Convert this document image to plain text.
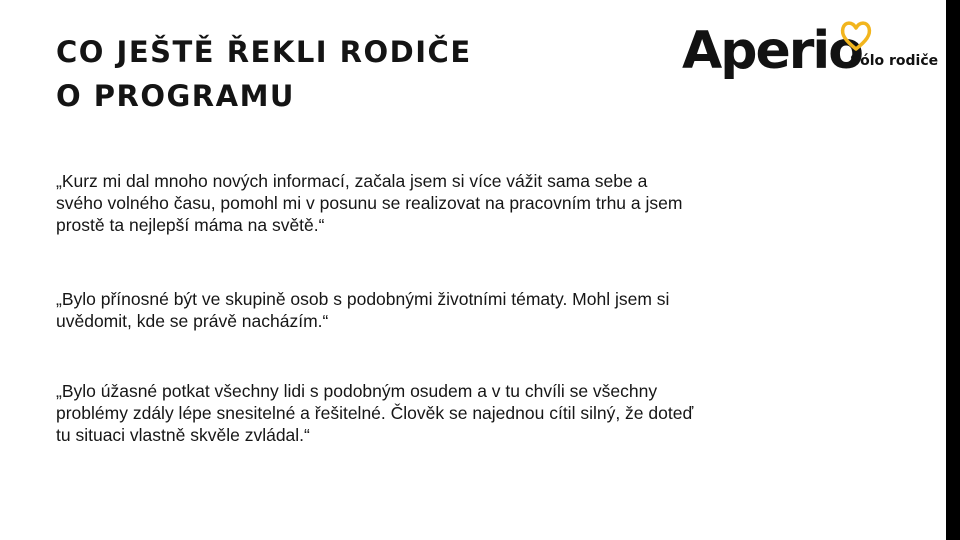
CO JEŠTĚ ŘEKLI RODIČE
O PROGRAMU
Aperio
Sólo rodiče

„Kurz mi dal mnoho nových informací, začala jsem si více vážit sama sebe a
svého volného času, pomohl mi v posunu se realizovat na pracovním trhu a jsem
prostě ta nejlepší máma na světě.“

„Bylo přínosné být ve skupině osob s podobnými životními tématy. Mohl jsem si
uvědomit, kde se právě nacházím.“

„Bylo úžasné potkat všechny lidi s podobným osudem a v tu chvíli se všechny
problémy zdály lépe snesitelné a řešitelné. Člověk se najednou cítil silný, že doteď
tu situaci vlastně skvěle zvládal.“
